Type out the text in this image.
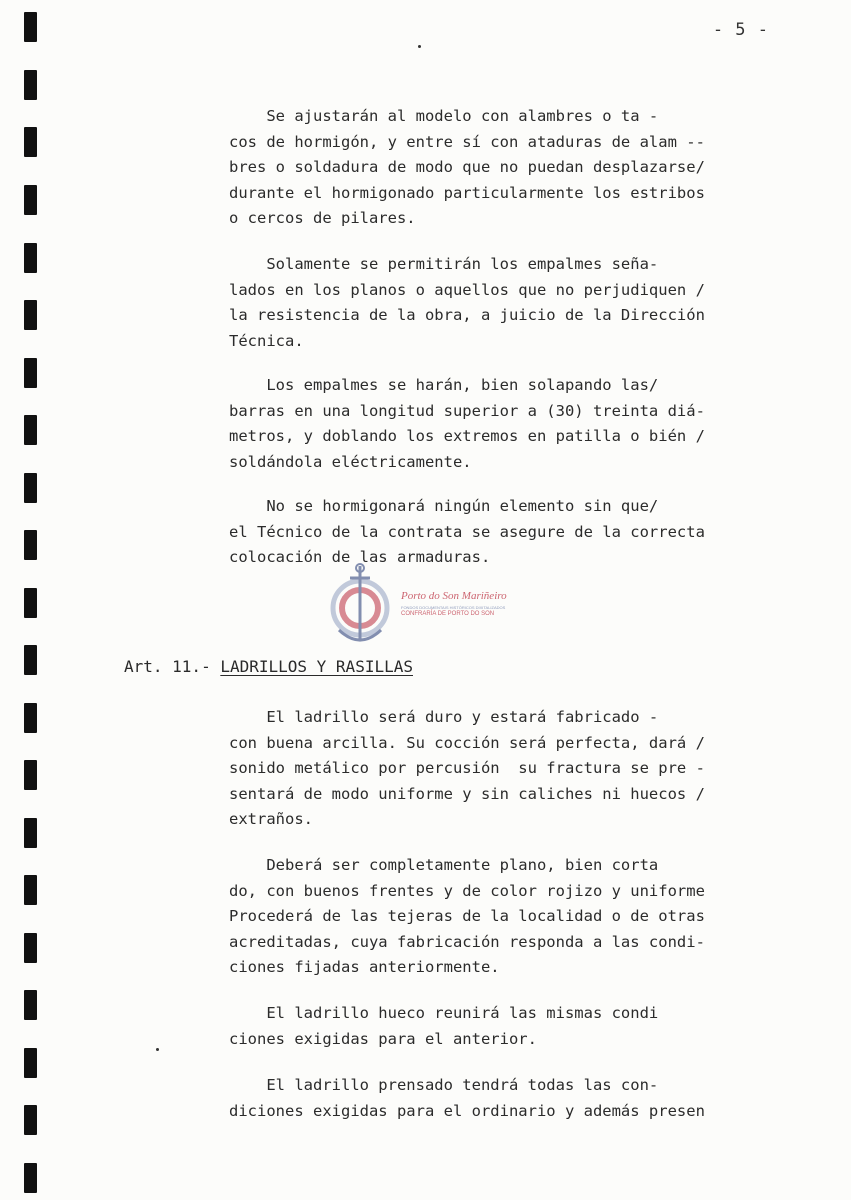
- 5 -
Se ajustarán al modelo con alambres o ta -
cos de hormigón, y entre sí con ataduras de alam --
bres o soldadura de modo que no puedan desplazarse/
durante el hormigonado particularmente los estribos
o cercos de pilares.
Solamente se permitirán los empalmes seña-
lados en los planos o aquellos que no perjudiquen /
la resistencia de la obra, a juicio de la Dirección
Técnica.
Los empalmes se harán, bien solapando las/
barras en una longitud superior a (30) treinta diá-
metros, y doblando los extremos en patilla o bién /
soldándola eléctricamente.
No se hormigonará ningún elemento sin que/
el Técnico de la contrata se asegure de la correcta
colocación de las armaduras.
Porto do Son Mariñeiro
FONDOS DOCUMENTAIS HISTÓRICOS DIXITALIZADOS
CONFRARÍA DE PORTO DO SON
Art. 11.- LADRILLOS Y RASILLAS
El ladrillo será duro y estará fabricado -
con buena arcilla. Su cocción será perfecta, dará /
sonido metálico por percusión  su fractura se pre -
sentará de modo uniforme y sin caliches ni huecos /
extraños.
Deberá ser completamente plano, bien corta
do, con buenos frentes y de color rojizo y uniforme
Procederá de las tejeras de la localidad o de otras
acreditadas, cuya fabricación responda a las condi-
ciones fijadas anteriormente.
El ladrillo hueco reunirá las mismas condi
ciones exigidas para el anterior.
El ladrillo prensado tendrá todas las con-
diciones exigidas para el ordinario y además presen
